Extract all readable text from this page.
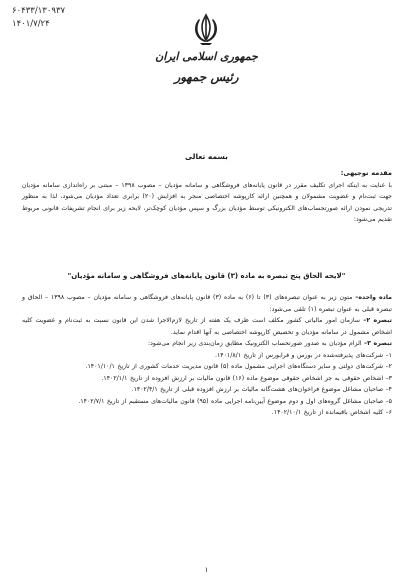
۶۰۴۳۳/۱۳۰۹۳۷
۱۴۰۱/۷/۲۴
جمهوری اسلامی ایران
رئیس جمهور
بسمه تعالی

مقدمه توجیهی:

با عنایت به اینکه اجرای تکلیف مقرر در قانون پایانه‌های فروشگاهی و سامانه مؤدیان – مصوب ۱۳۹۸ – مبتنی بر راه‌اندازی سامانه مؤدیان جهت ثبت‌نام و عضویت مشمولان و همچنین ارائه کارپوشه اختصاصی منجر به افزایش (۲۰) برابری تعداد مؤدیان می‌شود، لذا به منظور تدریجی نمودن ارائه صورتحساب‌های الکترونیکی توسط مؤدیان بزرگ و سپس مؤدیان کوچک‌تر، لایحه زیر برای انجام تشریفات قانونی مربوط تقدیم می‌شود:

"لایحه الحاق پنج تبصره به ماده (۳) قانون پایانه‌های فروشگاهی و سامانه مؤدیان"

ماده واحده– متون زیر به عنوان تبصره‌های (۳) تا (۶) به ماده (۳) قانون پایانه‌های فروشگاهی و سامانه مؤدیان – مصوب ۱۳۹۸ – الحاق و تبصره قبلی به عنوان تبصره (۱) تلقی می‌شود:

تبصره ۲– سازمان امور مالیاتی کشور مکلف است ظرف یک هفته از تاریخ لازم‌الاجرا شدن این قانون نسبت به ثبت‌نام و عضویت کلیه اشخاص مشمول در سامانه مؤدیان و تخصیص کارپوشه اختصاصی به آنها اقدام نماید.

تبصره ۳– الزام مؤدیان به صدور صورتحساب الکترونیک مطابق زمان‌بندی زیر انجام می‌شود:

۱– شرکت‌های پذیرفته‌شده در بورس و فرابورس از تاریخ ۱۴۰۱/۸/۱.

۲– شرکت‌های دولتی و سایر دستگاه‌های اجرایی مشمول ماده (۵) قانون مدیریت خدمات کشوری از تاریخ ۱۴۰۱/۱۰/۱.

۳– اشخاص حقوقی به جز اشخاص حقوقی موضوع ماده (۱۶) قانون مالیات بر ارزش افزوده از تاریخ ۱۴۰۲/۱/۱.

۴– صاحبان مشاغل موضوع فراخوان‌های هشت‌گانه مالیات بر ارزش افزوده قبلی از تاریخ ۱۴۰۲/۴/۱.

۵– صاحبان مشاغل گروه‌های اول و دوم موضوع آیین‌نامه اجرایی ماده (۹۵) قانون مالیات‌های مستقیم از تاریخ ۱۴۰۲/۷/۱.

۶– کلیه اشخاص باقیمانده از تاریخ ۱۴۰۲/۱۰/۱.

۱
